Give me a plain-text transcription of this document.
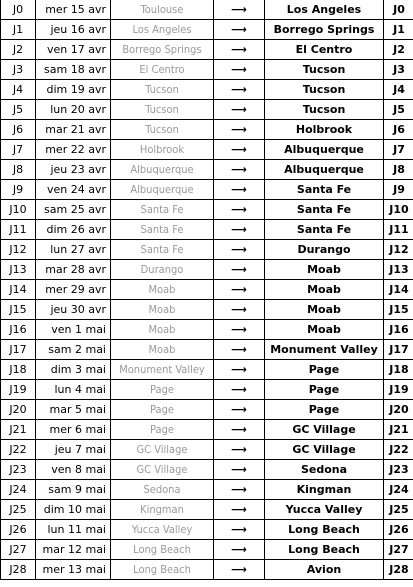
J0	mer 15 avr	Toulouse	⟶	Los Angeles	J0
J1	jeu 16 avr	Los Angeles	⟶	Borrego Springs	J1
J2	ven 17 avr	Borrego Springs	⟶	El Centro	J2
J3	sam 18 avr	El Centro	⟶	Tucson	J3
J4	dim 19 avr	Tucson	⟶	Tucson	J4
J5	lun 20 avr	Tucson	⟶	Tucson	J5
J6	mar 21 avr	Tucson	⟶	Holbrook	J6
J7	mer 22 avr	Holbrook	⟶	Albuquerque	J7
J8	jeu 23 avr	Albuquerque	⟶	Albuquerque	J8
J9	ven 24 avr	Albuquerque	⟶	Santa Fe	J9
J10	sam 25 avr	Santa Fe	⟶	Santa Fe	J10
J11	dim 26 avr	Santa Fe	⟶	Santa Fe	J11
J12	lun 27 avr	Santa Fe	⟶	Durango	J12
J13	mar 28 avr	Durango	⟶	Moab	J13
J14	mer 29 avr	Moab	⟶	Moab	J14
J15	jeu 30 avr	Moab	⟶	Moab	J15
J16	ven 1 mai	Moab	⟶	Moab	J16
J17	sam 2 mai	Moab	⟶	Monument Valley	J17
J18	dim 3 mai	Monument Valley	⟶	Page	J18
J19	lun 4 mai	Page	⟶	Page	J19
J20	mar 5 mai	Page	⟶	Page	J20
J21	mer 6 mai	Page	⟶	GC Village	J21
J22	jeu 7 mai	GC Village	⟶	GC Village	J22
J23	ven 8 mai	GC Village	⟶	Sedona	J23
J24	sam 9 mai	Sedona	⟶	Kingman	J24
J25	dim 10 mai	Kingman	⟶	Yucca Valley	J25
J26	lun 11 mai	Yucca Valley	⟶	Long Beach	J26
J27	mar 12 mai	Long Beach	⟶	Long Beach	J27
J28	mer 13 mai	Long Beach	⟶	Avion	J28
